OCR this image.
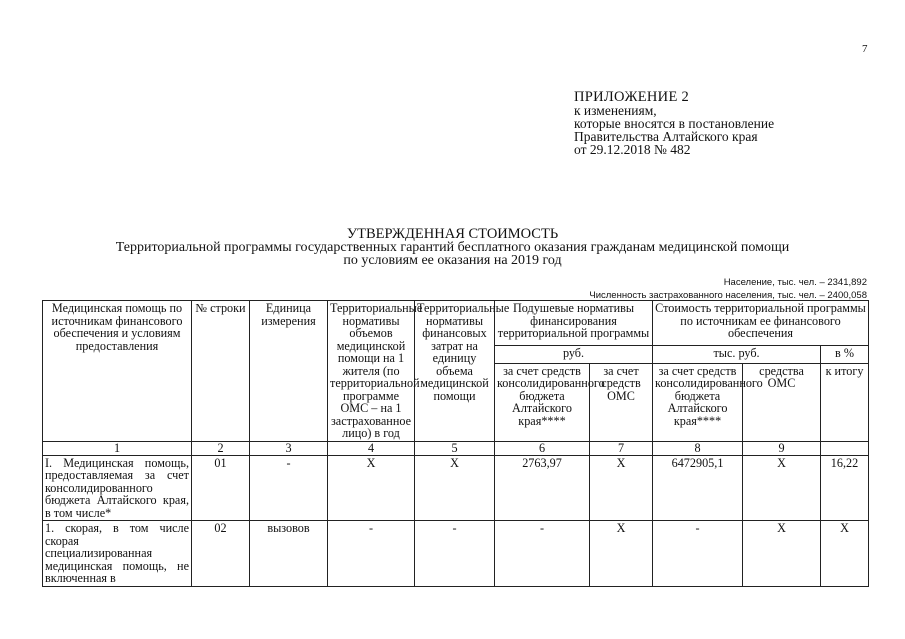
7
ПРИЛОЖЕНИЕ 2
к изменениям,
которые вносятся в постановление
Правительства Алтайского края
от 29.12.2018 № 482
УТВЕРЖДЕННАЯ СТОИМОСТЬ
Территориальной программы государственных гарантий бесплатного оказания гражданам медицинской помощи
по условиям ее оказания на 2019 год
Население, тыс. чел. – 2341,892
Численность застрахованного населения, тыс. чел. – 2400,058
Медицинская помощь по источникам финансового обеспечения и условиям предоставления	№ строки	Единица измерения	Территориальные нормативы объемов медицинской помощи на 1 жителя (по территориальной программе ОМС – на 1 застрахованное лицо) в год	Территориальные нормативы финансовых затрат на единицу объема медицинской помощи	Подушевые нормативы финансирования территориальной программы		Стоимость территориальной программы по источникам ее финансового обеспечения		
					руб.		тыс. руб.		в %
					за счет средств консолидированного бюджета Алтайского края****	за счет средств ОМС	за счет средств консолидированного бюджета Алтайского края****	средства ОМС	к итогу
1	2	3	4	5	6	7	8	9	
I. Медицинская помощь, предоставляемая за счет консолидированного бюджета Алтайского края, в том числе*	01	-	Х	Х	2763,97	Х	6472905,1	Х	16,22
1. скорая, в том числе скорая специализированная медицинская помощь, не включенная в	02	вызовов	-	-	-	Х	-	Х	Х
